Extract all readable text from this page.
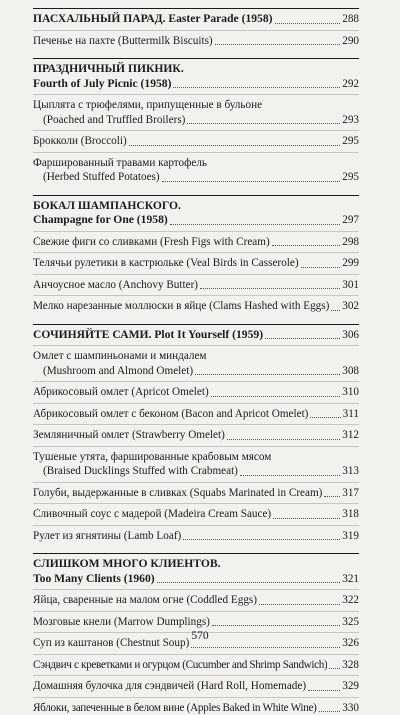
ПАСХАЛЬНЫЙ ПАРАД. Easter Parade (1958)	288
Печенье на пахте (Buttermilk Biscuits)	290
ПРАЗДНИЧНЫЙ ПИКНИК.
Fourth of July Picnic (1958)	292
Цыплята с трюфелями, припущенные в бульоне
(Poached and Truffled Broilers)	293
Брокколи (Broccoli)	295
Фаршированный травами картофель
(Herbed Stuffed Potatoes)	295
БОКАЛ ШАМПАНСКОГО.
Champagne for One (1958)	297
Свежие фиги со сливками (Fresh Figs with Cream)	298
Телячьи рулетики в кастрюльке (Veal Birds in Casserole)	299
Анчоусное масло (Anchovy Butter)	301
Мелко нарезанные моллюски в яйце (Clams Hashed with Eggs) 302
СОЧИНЯЙТЕ САМИ. Plot It Yourself (1959)	306
Омлет с шампиньонами и миндалем
(Mushroom and Almond Omelet)	308
Абрикосовый омлет (Apricot Omelet)	310
Абрикосовый омлет с беконом (Bacon and Apricot Omelet)	311
Земляничный омлет (Strawberry Omelet)	312
Тушеные утята, фаршированные крабовым мясом
(Braised Ducklings Stuffed with Crabmeat)	313
Голуби, выдержанные в сливках (Squabs Marinated in Cream) 317
Сливочный соус с мадерой (Madeira Cream Sauce)	318
Рулет из ягнятины (Lamb Loaf)	319
СЛИШКОМ МНОГО КЛИЕНТОВ.
Too Many Clients (1960)	321
Яйца, сваренные на малом огне (Coddled Eggs)	322
Мозговые кнели (Marrow Dumplings)	325
Суп из каштанов (Chestnut Soup)	326
Сэндвич с креветками и огурцом (Cucumber and Shrimp Sandwich) 328
Домашняя булочка для сэндвичей (Hard Roll, Homemade)	329
Яблоки, запеченные в белом вине (Apples Baked in White Wine) 330
570
